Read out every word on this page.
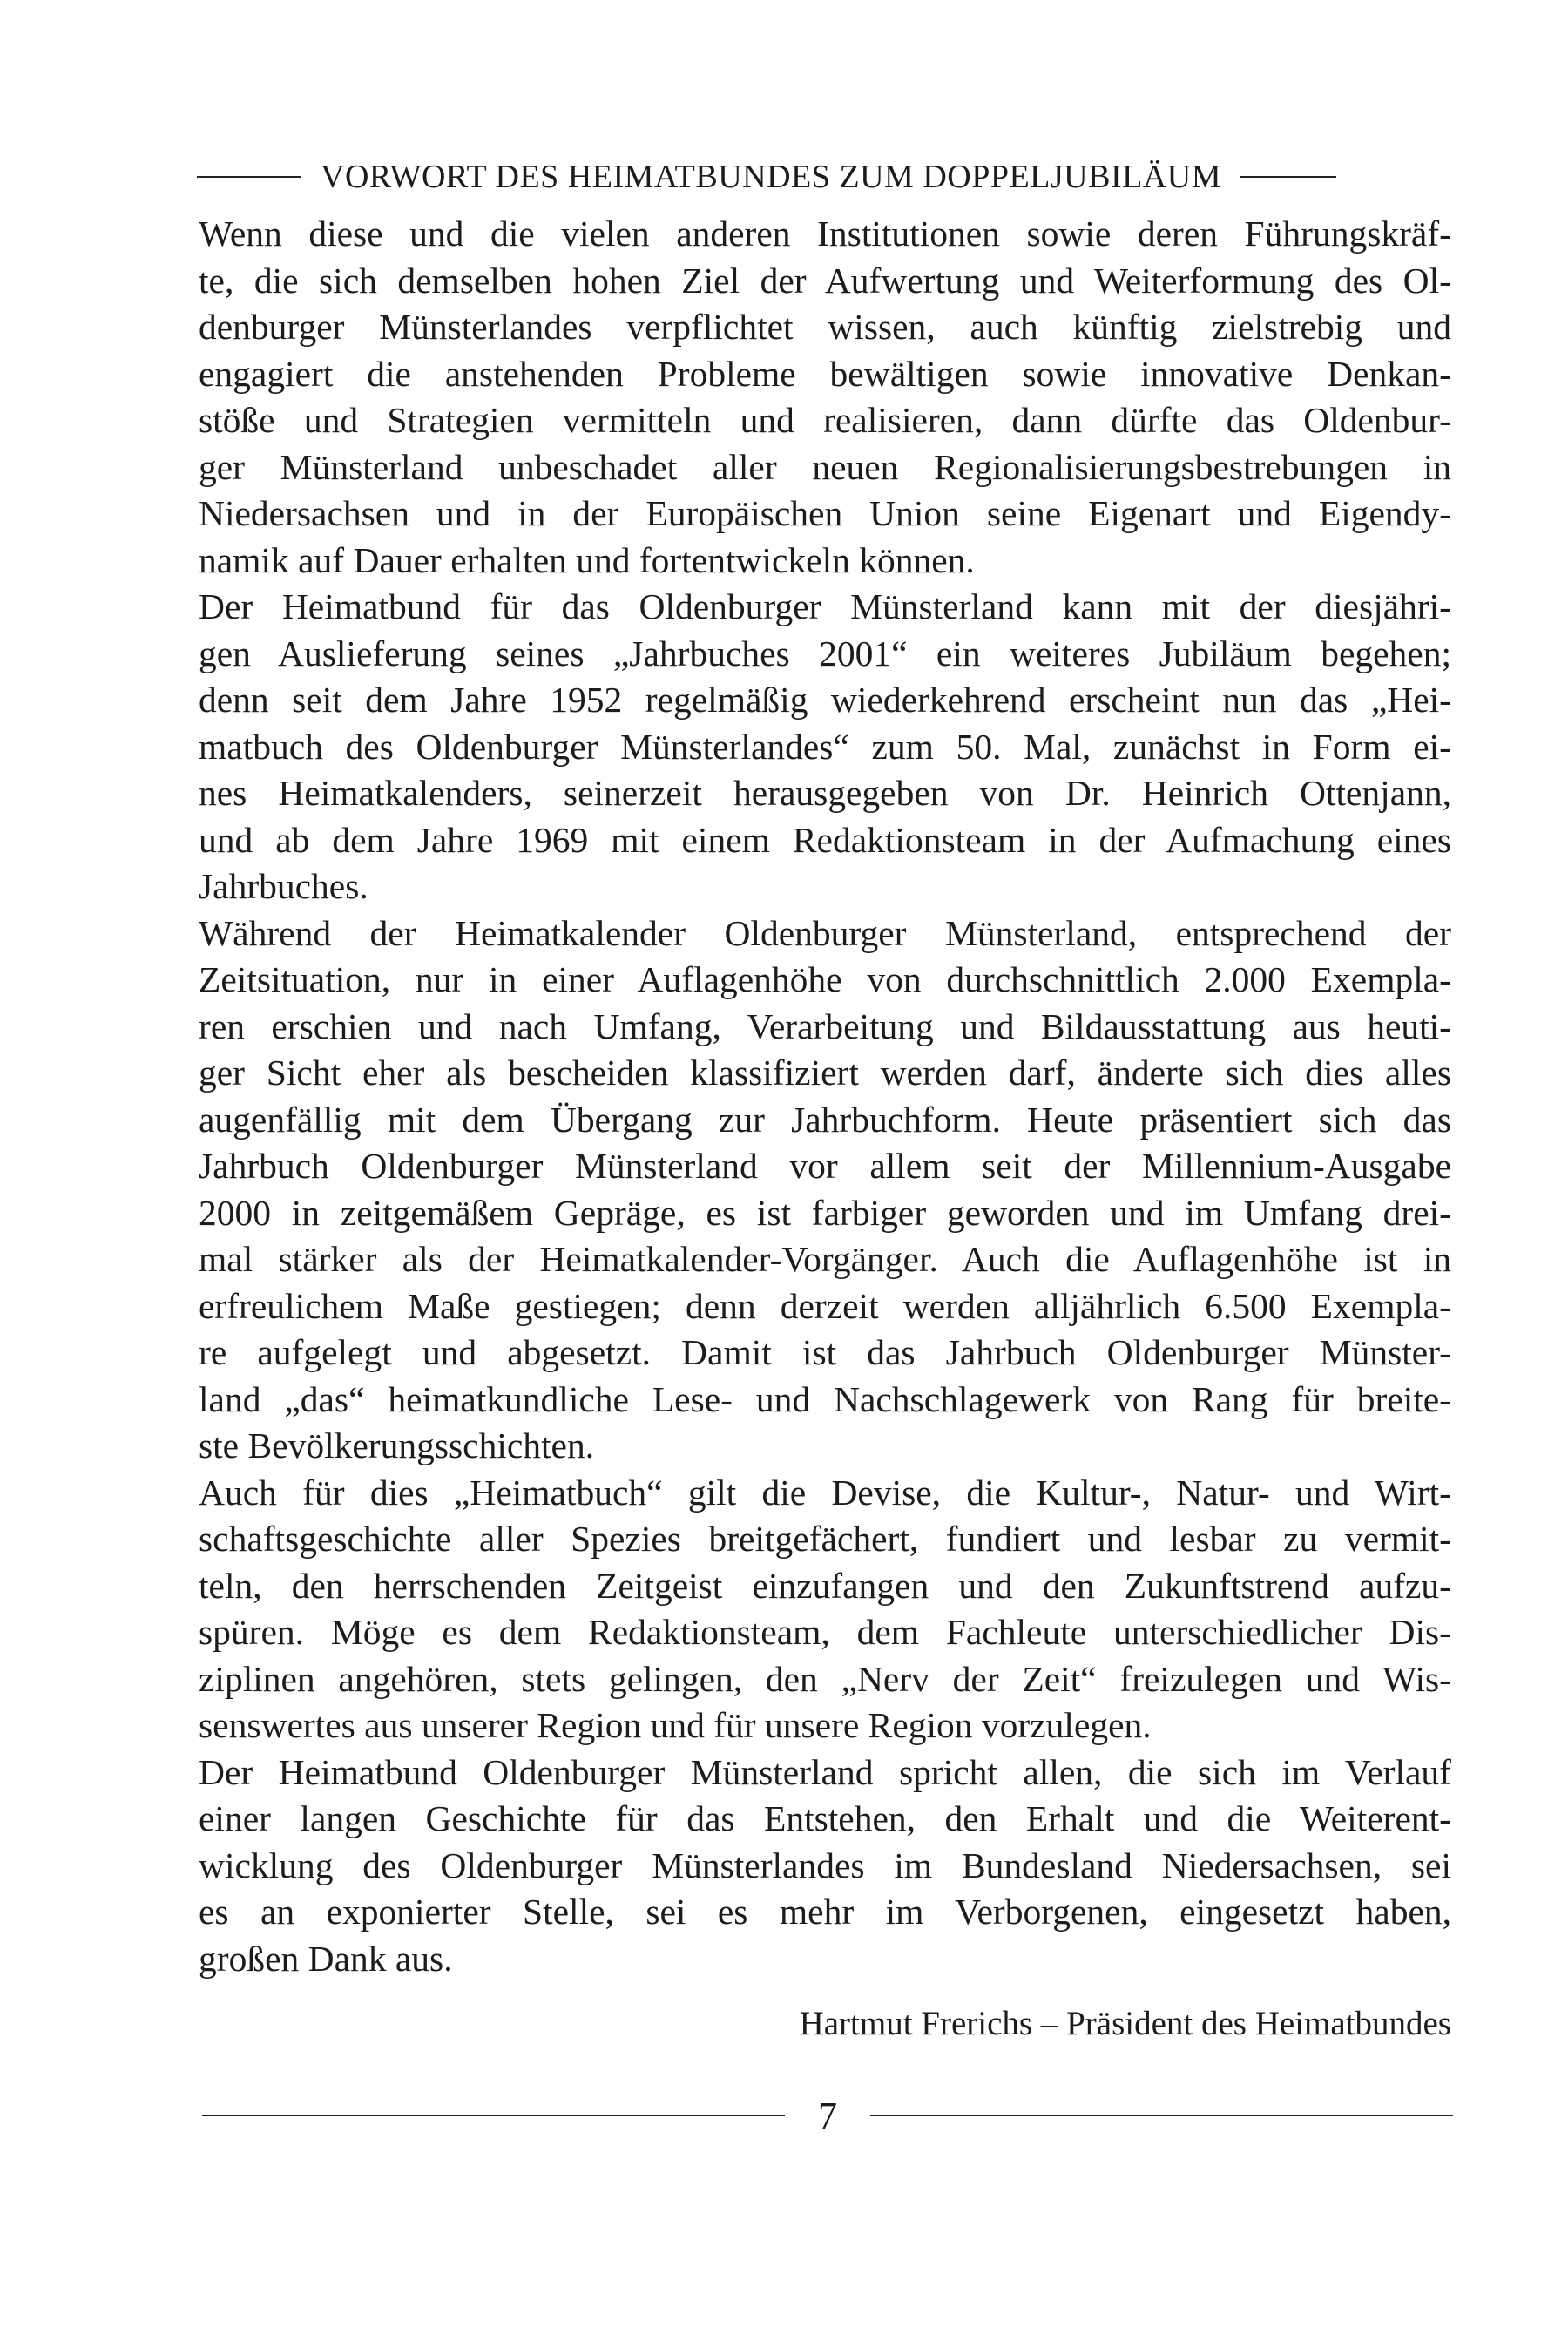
VORWORT DES HEIMATBUNDES ZUM DOPPELJUBILÄUM
Wenn diese und die vielen anderen Institutionen sowie deren Führungskräf-
te, die sich demselben hohen Ziel der Aufwertung und Weiterformung des Ol-
denburger Münsterlandes verpflichtet wissen, auch künftig zielstrebig und
engagiert die anstehenden Probleme bewältigen sowie innovative Denkan-
stöße und Strategien vermitteln und realisieren, dann dürfte das Oldenbur-
ger Münsterland unbeschadet aller neuen Regionalisierungsbestrebungen in
Niedersachsen und in der Europäischen Union seine Eigenart und Eigendy-
namik auf Dauer erhalten und fortentwickeln können.
Der Heimatbund für das Oldenburger Münsterland kann mit der diesjähri-
gen Auslieferung seines „Jahrbuches 2001“ ein weiteres Jubiläum begehen;
denn seit dem Jahre 1952 regelmäßig wiederkehrend erscheint nun das „Hei-
matbuch des Oldenburger Münsterlandes“ zum 50. Mal, zunächst in Form ei-
nes Heimatkalenders, seinerzeit herausgegeben von Dr. Heinrich Ottenjann,
und ab dem Jahre 1969 mit einem Redaktionsteam in der Aufmachung eines
Jahrbuches.
Während der Heimatkalender Oldenburger Münsterland, entsprechend der
Zeitsituation, nur in einer Auflagenhöhe von durchschnittlich 2.000 Exempla-
ren erschien und nach Umfang, Verarbeitung und Bildausstattung aus heuti-
ger Sicht eher als bescheiden klassifiziert werden darf, änderte sich dies alles
augenfällig mit dem Übergang zur Jahrbuchform. Heute präsentiert sich das
Jahrbuch Oldenburger Münsterland vor allem seit der Millennium-Ausgabe
2000 in zeitgemäßem Gepräge, es ist farbiger geworden und im Umfang drei-
mal stärker als der Heimatkalender-Vorgänger. Auch die Auflagenhöhe ist in
erfreulichem Maße gestiegen; denn derzeit werden alljährlich 6.500 Exempla-
re aufgelegt und abgesetzt. Damit ist das Jahrbuch Oldenburger Münster-
land „das“ heimatkundliche Lese- und Nachschlagewerk von Rang für breite-
ste Bevölkerungsschichten.
Auch für dies „Heimatbuch“ gilt die Devise, die Kultur-, Natur- und Wirt-
schaftsgeschichte aller Spezies breitgefächert, fundiert und lesbar zu vermit-
teln, den herrschenden Zeitgeist einzufangen und den Zukunftstrend aufzu-
spüren. Möge es dem Redaktionsteam, dem Fachleute unterschiedlicher Dis-
ziplinen angehören, stets gelingen, den „Nerv der Zeit“ freizulegen und Wis-
senswertes aus unserer Region und für unsere Region vorzulegen.
Der Heimatbund Oldenburger Münsterland spricht allen, die sich im Verlauf
einer langen Geschichte für das Entstehen, den Erhalt und die Weiterent-
wicklung des Oldenburger Münsterlandes im Bundesland Niedersachsen, sei
es an exponierter Stelle, sei es mehr im Verborgenen, eingesetzt haben,
großen Dank aus.
Hartmut Frerichs – Präsident des Heimatbundes
7
